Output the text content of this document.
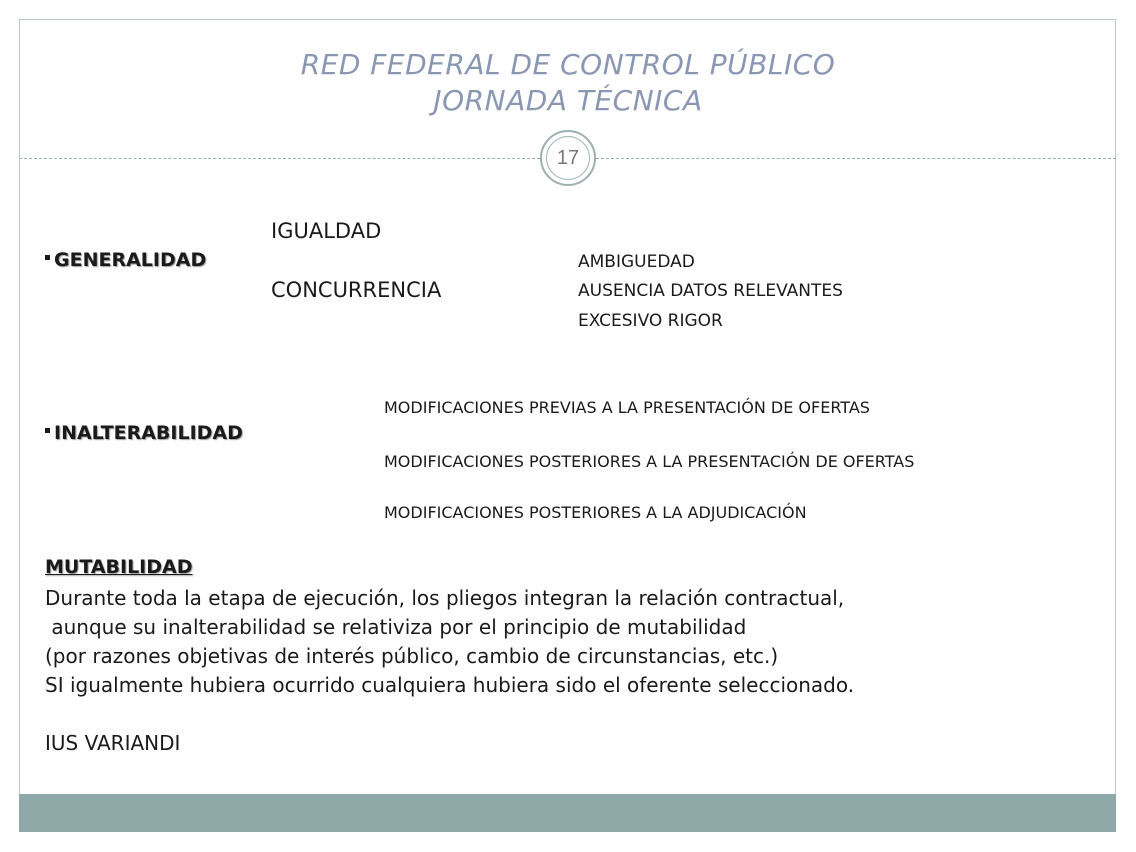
RED FEDERAL DE CONTROL PÚBLICO
JORNADA TÉCNICA
17
IGUALDAD
GENERALIDAD	AMBIGUEDAD
CONCURRENCIA	AUSENCIA DATOS RELEVANTES
EXCESIVO RIGOR
MODIFICACIONES PREVIAS A LA PRESENTACIÓN DE OFERTAS
INALTERABILIDAD
MODIFICACIONES POSTERIORES A LA PRESENTACIÓN DE OFERTAS
MODIFICACIONES POSTERIORES A LA ADJUDICACIÓN
MUTABILIDAD
Durante toda la etapa de ejecución, los pliegos integran la relación contractual,
aunque su inalterabilidad se relativiza por el principio de mutabilidad
(por razones objetivas de interés público, cambio de circunstancias, etc.)
SI igualmente hubiera ocurrido cualquiera hubiera sido el oferente seleccionado.
IUS VARIANDI
